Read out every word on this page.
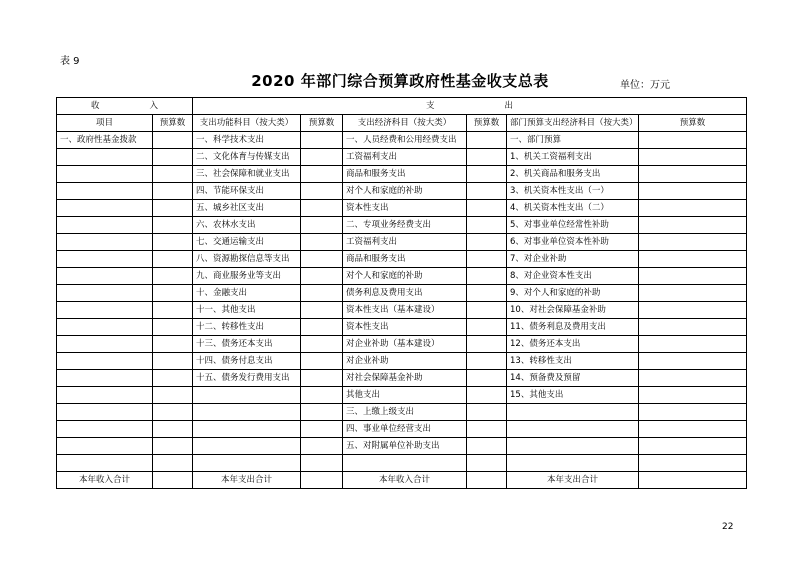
表 9
2020 年部门综合预算政府性基金收支总表	单位：万元
收 入		支 出					
项目	预算数	支出功能科目（按大类）	预算数	支出经济科目（按大类）	预算数	部门预算支出经济科目（按大类）	预算数
一、政府性基金拨款		一、科学技术支出		一、人员经费和公用经费支出		一、部门预算	
		二、文化体育与传媒支出		工资福利支出		1、机关工资福利支出	
		三、社会保障和就业支出		商品和服务支出		2、机关商品和服务支出	
		四、节能环保支出		对个人和家庭的补助		3、机关资本性支出（一）	
		五、城乡社区支出		资本性支出		4、机关资本性支出（二）	
		六、农林水支出		二、专项业务经费支出		5、对事业单位经常性补助	
		七、交通运输支出		工资福利支出		6、对事业单位资本性补助	
		八、资源勘探信息等支出		商品和服务支出		7、对企业补助	
		九、商业服务业等支出		对个人和家庭的补助		8、对企业资本性支出	
		十、金融支出		债务利息及费用支出		9、对个人和家庭的补助	
		十一、其他支出		资本性支出（基本建设）		10、对社会保障基金补助	
		十二、转移性支出		资本性支出		11、债务利息及费用支出	
		十三、债务还本支出		对企业补助（基本建设）		12、债务还本支出	
		十四、债务付息支出		对企业补助		13、转移性支出	
		十五、债务发行费用支出		对社会保障基金补助		14、预备费及预留	
				其他支出		15、其他支出	
				三、上缴上级支出			
				四、事业单位经营支出			
				五、对附属单位补助支出			

本年收入合计		本年支出合计		本年收入合计		本年支出合计	
22
